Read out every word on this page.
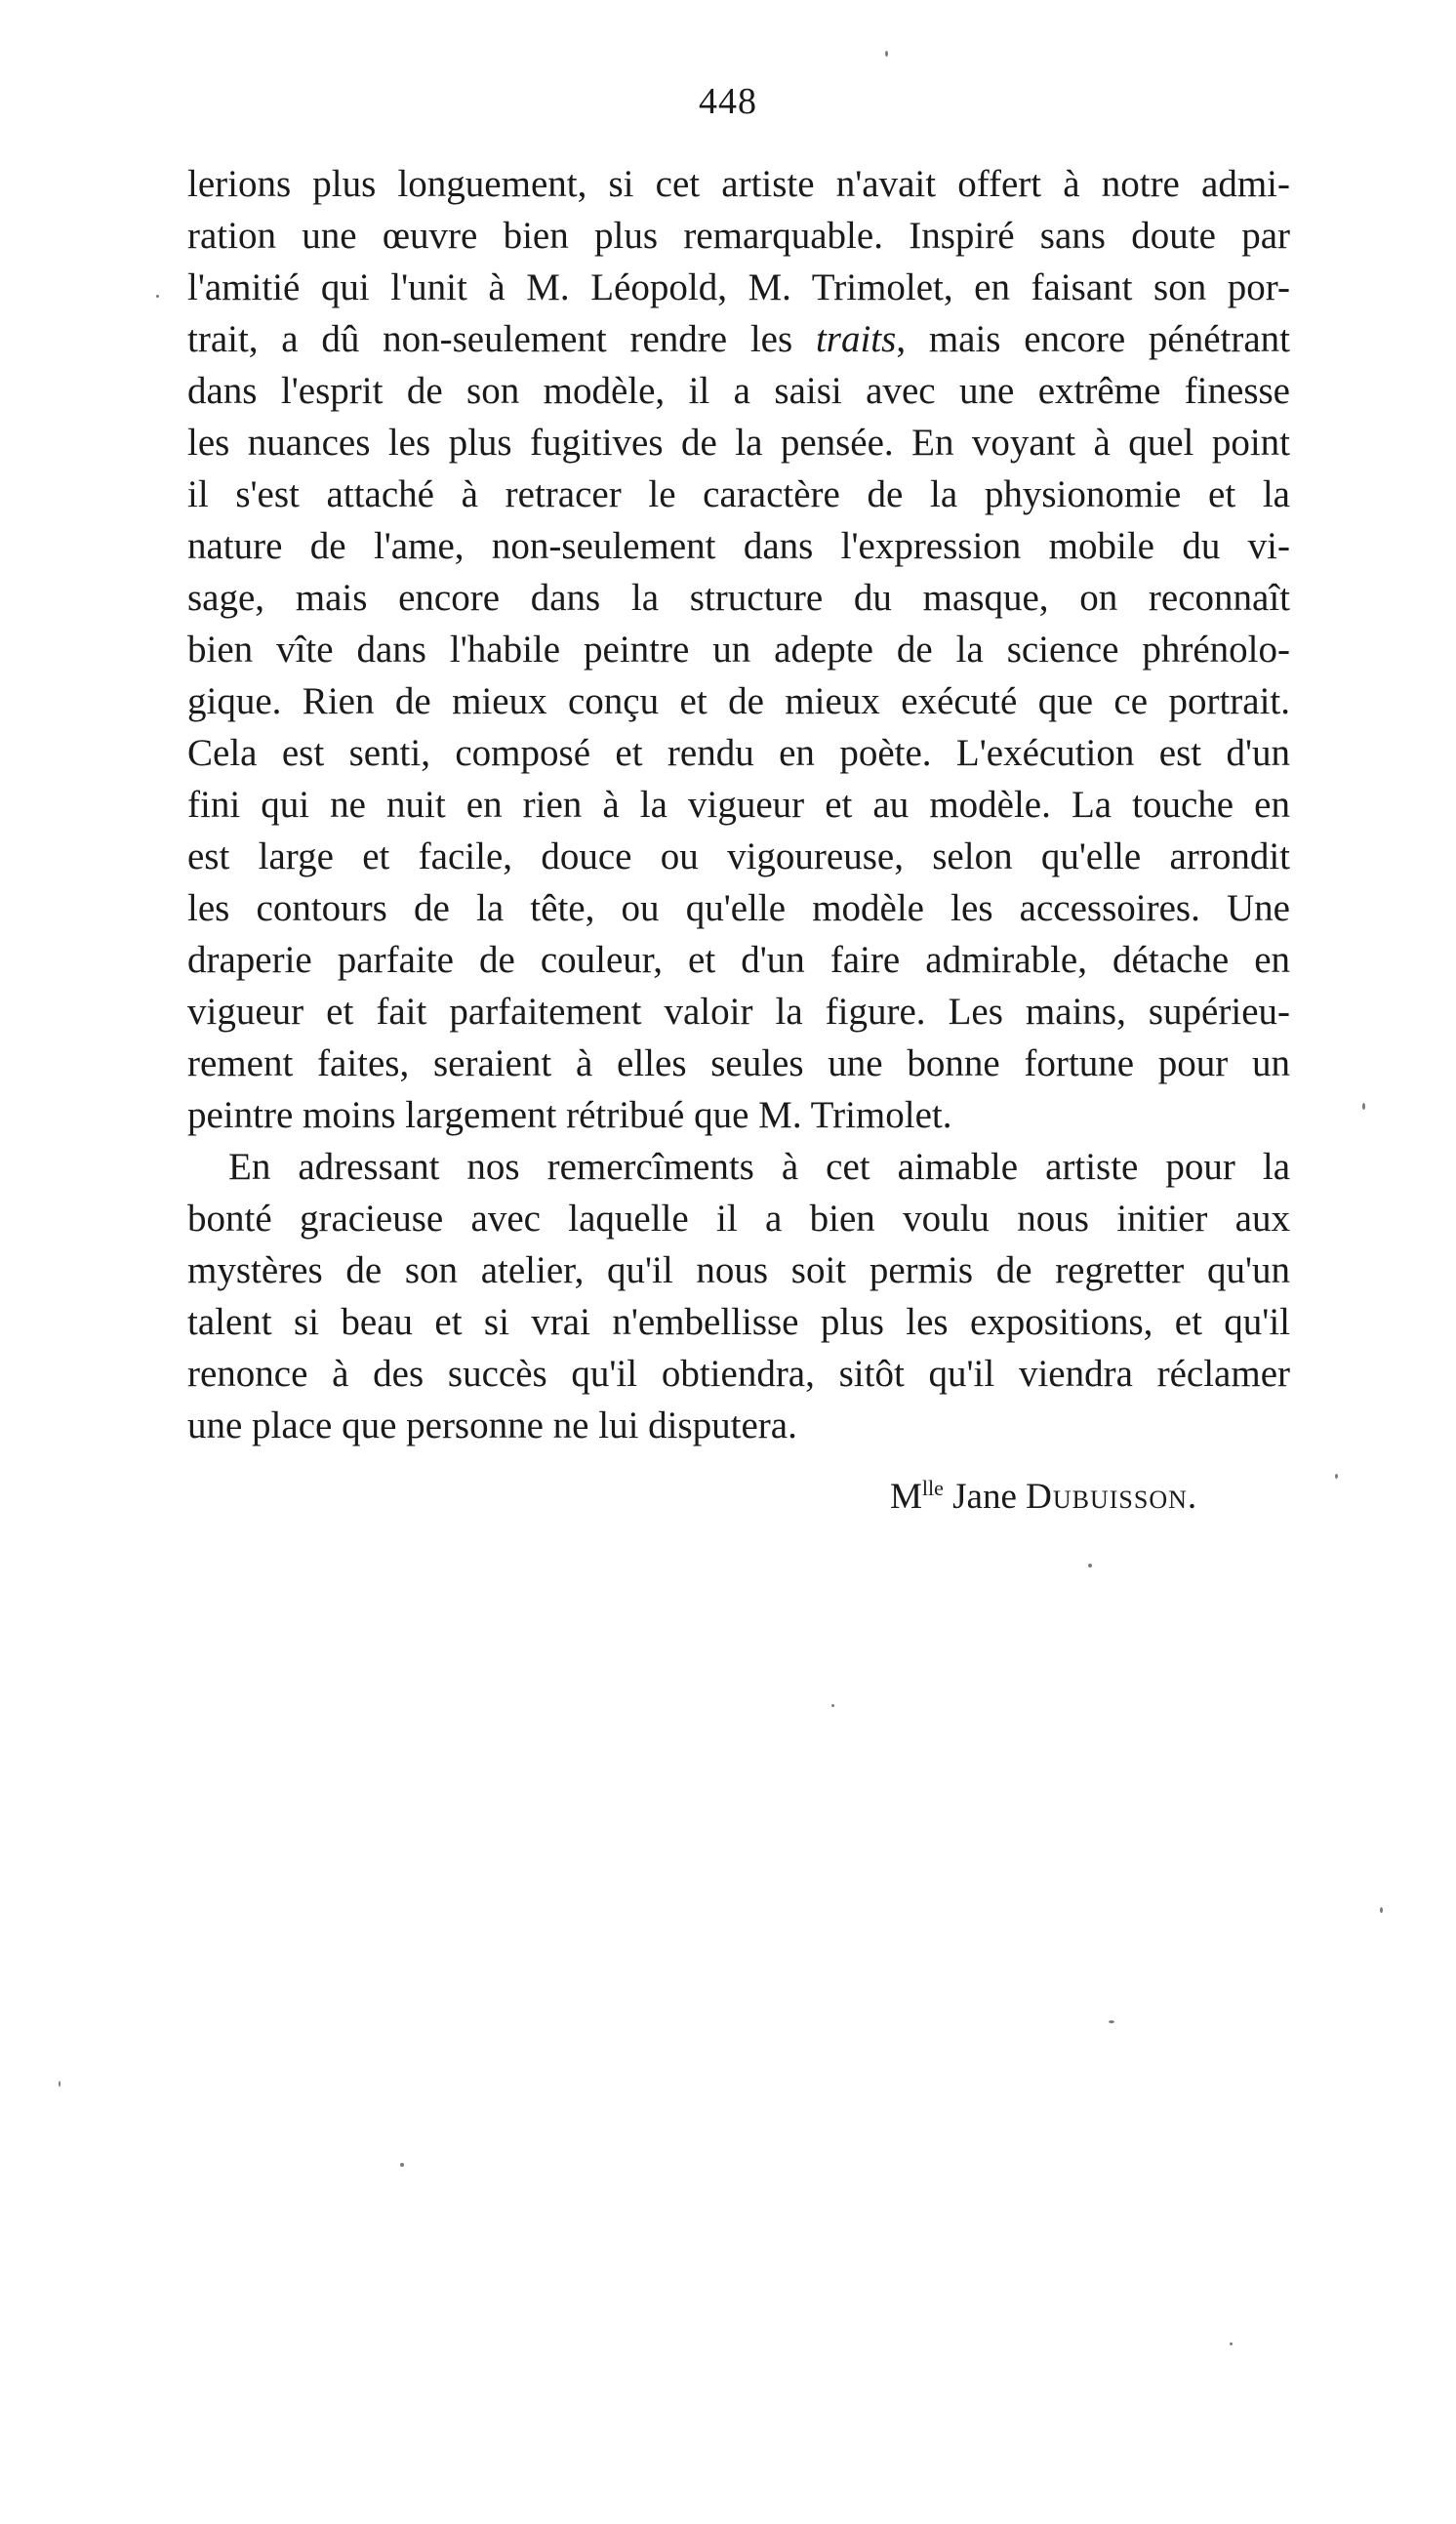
448
lerions plus longuement, si cet artiste n'avait offert à notre admi-
ration une œuvre bien plus remarquable. Inspiré sans doute par
l'amitié qui l'unit à M. Léopold, M. Trimolet, en faisant son por-
trait, a dû non-seulement rendre les traits, mais encore pénétrant
dans l'esprit de son modèle, il a saisi avec une extrême finesse
les nuances les plus fugitives de la pensée. En voyant à quel point
il s'est attaché à retracer le caractère de la physionomie et la
nature de l'ame, non-seulement dans l'expression mobile du vi-
sage, mais encore dans la structure du masque, on reconnaît
bien vîte dans l'habile peintre un adepte de la science phrénolo-
gique. Rien de mieux conçu et de mieux exécuté que ce portrait.
Cela est senti, composé et rendu en poète. L'exécution est d'un
fini qui ne nuit en rien à la vigueur et au modèle. La touche en
est large et facile, douce ou vigoureuse, selon qu'elle arrondit
les contours de la tête, ou qu'elle modèle les accessoires. Une
draperie parfaite de couleur, et d'un faire admirable, détache en
vigueur et fait parfaitement valoir la figure. Les mains, supérieu-
rement faites, seraient à elles seules une bonne fortune pour un
peintre moins largement rétribué que M. Trimolet.
En adressant nos remercîments à cet aimable artiste pour la
bonté gracieuse avec laquelle il a bien voulu nous initier aux
mystères de son atelier, qu'il nous soit permis de regretter qu'un
talent si beau et si vrai n'embellisse plus les expositions, et qu'il
renonce à des succès qu'il obtiendra, sitôt qu'il viendra réclamer
une place que personne ne lui disputera.
$M^{lle}$ Jane Dubuisson.
